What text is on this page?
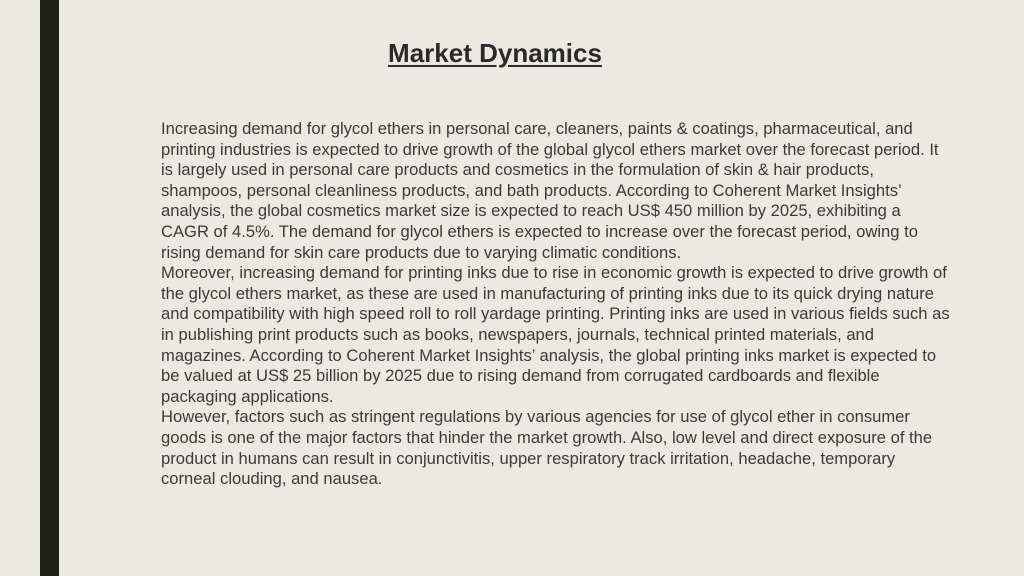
Market Dynamics

Increasing demand for glycol ethers in personal care, cleaners, paints & coatings, pharmaceutical, and printing industries is expected to drive growth of the global glycol ethers market over the forecast period. It is largely used in personal care products and cosmetics in the formulation of skin & hair products, shampoos, personal cleanliness products, and bath products. According to Coherent Market Insights’ analysis, the global cosmetics market size is expected to reach US$ 450 million by 2025, exhibiting a CAGR of 4.5%. The demand for glycol ethers is expected to increase over the forecast period, owing to rising demand for skin care products due to varying climatic conditions.

Moreover, increasing demand for printing inks due to rise in economic growth is expected to drive growth of the glycol ethers market, as these are used in manufacturing of printing inks due to its quick drying nature and compatibility with high speed roll to roll yardage printing. Printing inks are used in various fields such as in publishing print products such as books, newspapers, journals, technical printed materials, and magazines. According to Coherent Market Insights’ analysis, the global printing inks market is expected to be valued at US$ 25 billion by 2025 due to rising demand from corrugated cardboards and flexible packaging applications.

However, factors such as stringent regulations by various agencies for use of glycol ether in consumer goods is one of the major factors that hinder the market growth. Also, low level and direct exposure of the product in humans can result in conjunctivitis, upper respiratory track irritation, headache, temporary corneal clouding, and nausea.
